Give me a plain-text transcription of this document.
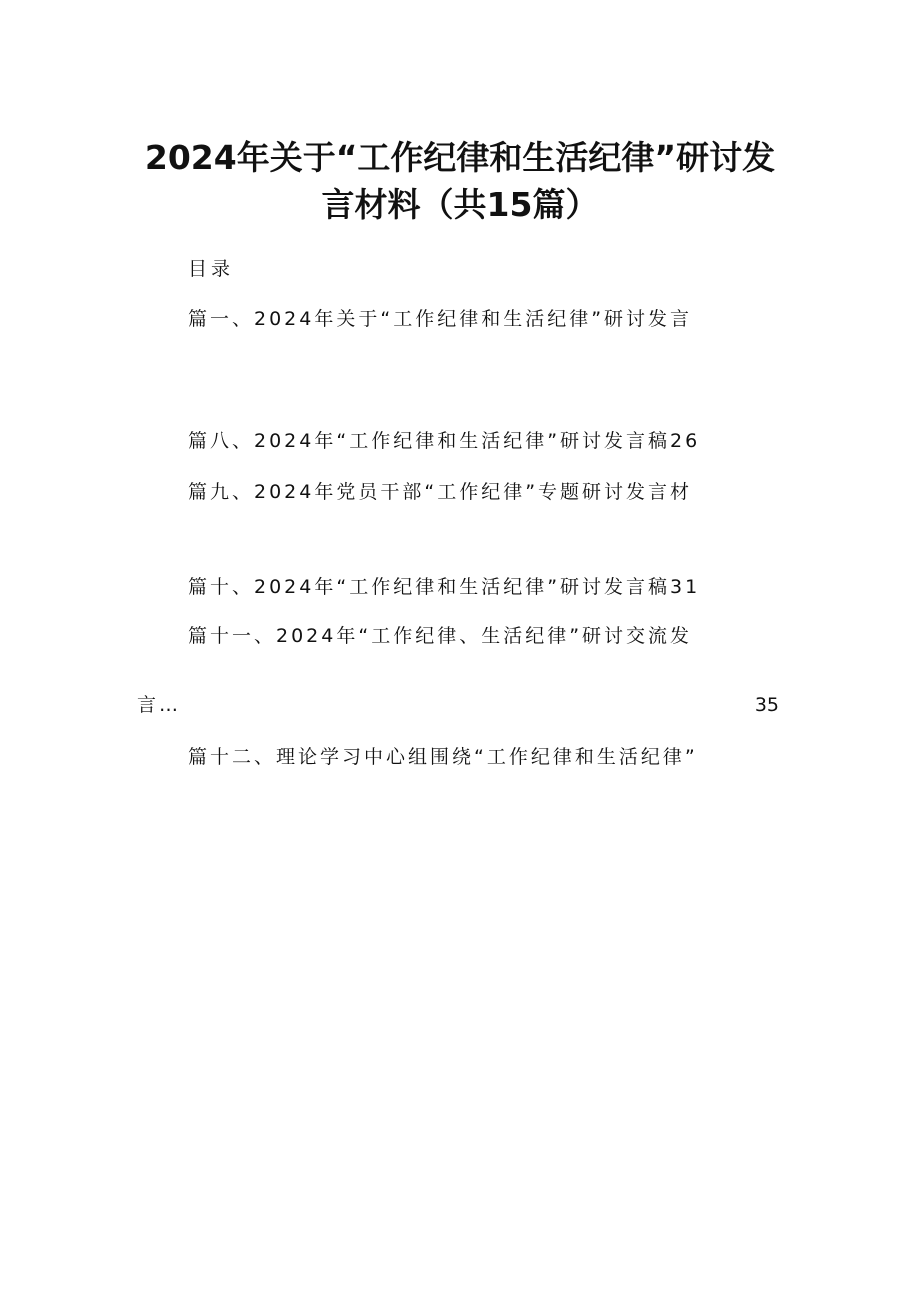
2024年关于“工作纪律和生活纪律”研讨发
言材料（共15篇）
目录
篇一、2024年关于“工作纪律和生活纪律”研讨发言
篇八、2024年“工作纪律和生活纪律”研讨发言稿26
篇九、2024年党员干部“工作纪律”专题研讨发言材
篇十、2024年“工作纪律和生活纪律”研讨发言稿31
篇十一、2024年“工作纪律、生活纪律”研讨交流发
言…	35
篇十二、理论学习中心组围绕“工作纪律和生活纪律”
